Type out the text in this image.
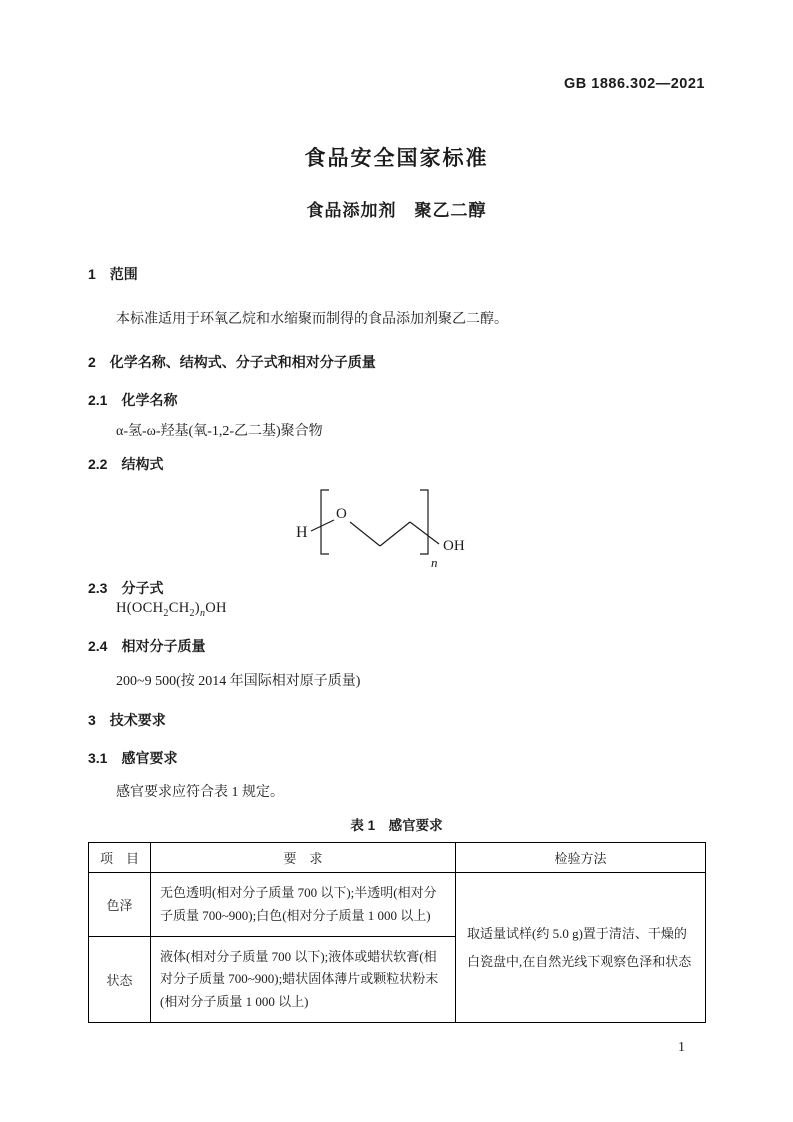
GB 1886.302—2021
食品安全国家标准
食品添加剂　聚乙二醇
1　范围
本标准适用于环氧乙烷和水缩聚而制得的食品添加剂聚乙二醇。
2　化学名称、结构式、分子式和相对分子质量
2.1　化学名称
α-氢-ω-羟基(氧-1,2-乙二基)聚合物
2.2　结构式
H
O
n
OH
2.3　分子式
$H(OCH_2CH_2)_nOH$
2.4　相对分子质量
200~9 500(按 2014 年国际相对原子质量)
3　技术要求
3.1　感官要求
感官要求应符合表 1 规定。
表 1　感官要求
项　目	要　求	检验方法
色泽	无色透明(相对分子质量 700 以下);半透明(相对分子质量 700~900);白色(相对分子质量 1 000 以上)	取适量试样(约 5.0 g)置于清洁、干燥的白瓷盘中,在自然光线下观察色泽和状态
状态	液体(相对分子质量 700 以下);液体或蜡状软膏(相对分子质量 700~900);蜡状固体薄片或颗粒状粉末(相对分子质量 1 000 以上)	
1
